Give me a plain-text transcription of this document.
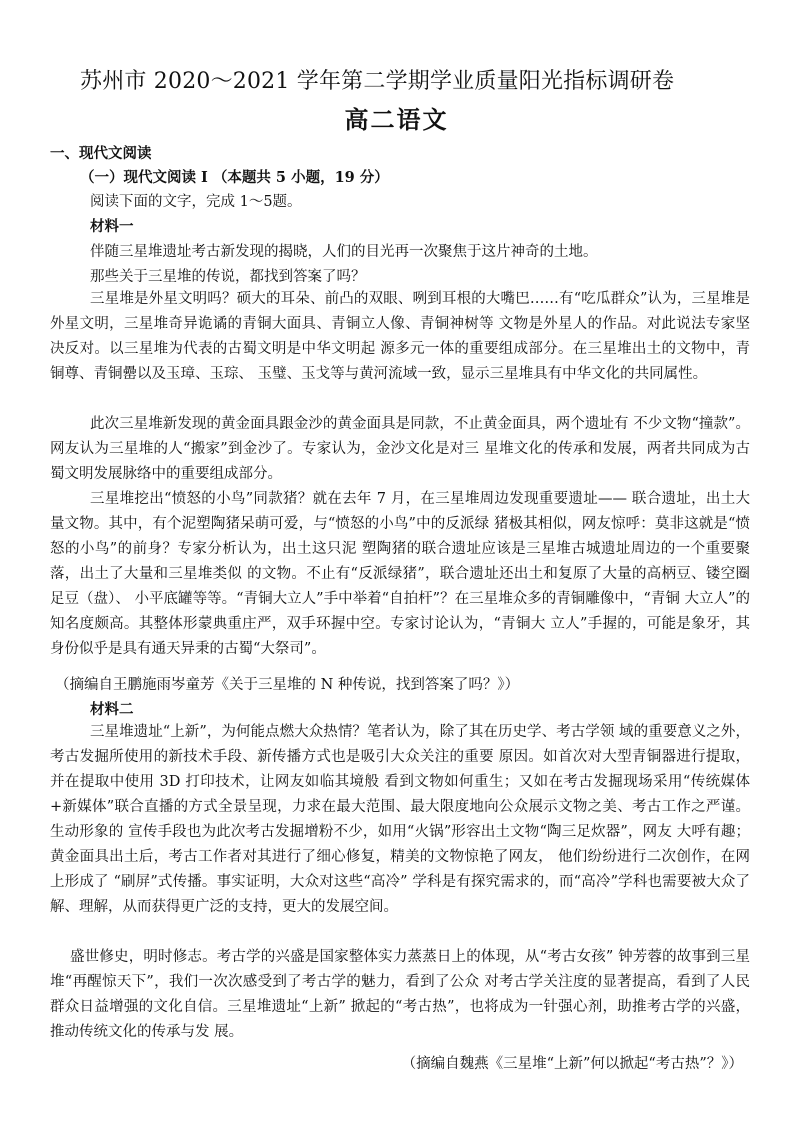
苏州市 2020～2021 学年第二学期学业质量阳光指标调研卷
高二语文
一、现代文阅读
（一）现代文阅读 I （本题共 5 小题，19 分）
阅读下面的文字，完成 1～5题。
材料一
伴随三星堆遗址考古新发现的揭晓，人们的目光再一次聚焦于这片神奇的土地。
那些关于三星堆的传说，都找到答案了吗？

三星堆是外星文明吗？硕大的耳朵、前凸的双眼、咧到耳根的大嘴巴……有“吃瓜群众”认为，三星堆是外星文明，三星堆奇异诡谲的青铜大面具、青铜立人像、青铜神树等 文物是外星人的作品。对此说法专家坚决反对。以三星堆为代表的古蜀文明是中华文明起 源多元一体的重要组成部分。在三星堆出土的文物中，青铜尊、青铜罍以及玉璋、玉琮、 玉璧、玉戈等与黄河流域一致，显示三星堆具有中华文化的共同属性。

此次三星堆新发现的黄金面具跟金沙的黄金面具是同款，不止黄金面具，两个遗址有 不少文物“撞款”。网友认为三星堆的人“搬家”到金沙了。专家认为，金沙文化是对三 星堆文化的传承和发展，两者共同成为古蜀文明发展脉络中的重要组成部分。

三星堆挖出“愤怒的小鸟”同款猪？就在去年 7 月，在三星堆周边发现重要遗址—— 联合遗址，出土大量文物。其中，有个泥塑陶猪呆萌可爱，与“愤怒的小鸟”中的反派绿 猪极其相似，网友惊呼：莫非这就是“愤怒的小鸟”的前身？专家分析认为，出土这只泥 塑陶猪的联合遗址应该是三星堆古城遗址周边的一个重要聚落，出土了大量和三星堆类似 的文物。不止有“反派绿猪”，联合遗址还出土和复原了大量的高柄豆、镂空圈足豆（盘）、 小平底罐等等。“青铜大立人”手中举着“自拍杆”？在三星堆众多的青铜雕像中，“青铜 大立人”的知名度颇高。其整体形蒙典重庄严，双手环握中空。专家讨论认为，“青铜大 立人”手握的，可能是象牙，其身份似乎是具有通天异秉的古蜀“大祭司”。

（摘编自王鹏施雨岑童芳《关于三星堆的 N 种传说，找到答案了吗？》）
材料二

三星堆遗址“上新”，为何能点燃大众热情？笔者认为，除了其在历史学、考古学领 域的重要意义之外，考古发掘所使用的新技术手段、新传播方式也是吸引大众关注的重要 原因。如首次对大型青铜器进行提取，并在提取中使用 3D 打印技术，让网友如临其境般 看到文物如何重生；又如在考古发掘现场采用“传统媒体+新媒体”联合直播的方式全景呈现，力求在最大范围、最大限度地向公众展示文物之美、考古工作之严谨。生动形象的 宣传手段也为此次考古发掘增粉不少，如用“火锅”形容出土文物“陶三足炊器”，网友 大呼有趣；黄金面具出土后，考古工作者对其进行了细心修复，精美的文物惊艳了网友， 他们纷纷进行二次创作，在网上形成了 “刷屏”式传播。事实证明，大众对这些“高冷” 学科是有探究需求的，而“高冷”学科也需要被大众了解、理解，从而获得更广泛的支持，更大的发展空间。

盛世修史，明时修志。考古学的兴盛是国家整体实力蒸蒸日上的体现，从“考古女孩” 钟芳蓉的故事到三星堆“再醒惊天下”，我们一次次感受到了考古学的魅力，看到了公众 对考古学关注度的显著提高，看到了人民群众日益增强的文化自信。三星堆遗址“上新” 掀起的“考古热”，也将成为一针强心剂，助推考古学的兴盛，推动传统文化的传承与发 展。

（摘编自魏燕《三星堆“上新”何以掀起“考古热”？》）
